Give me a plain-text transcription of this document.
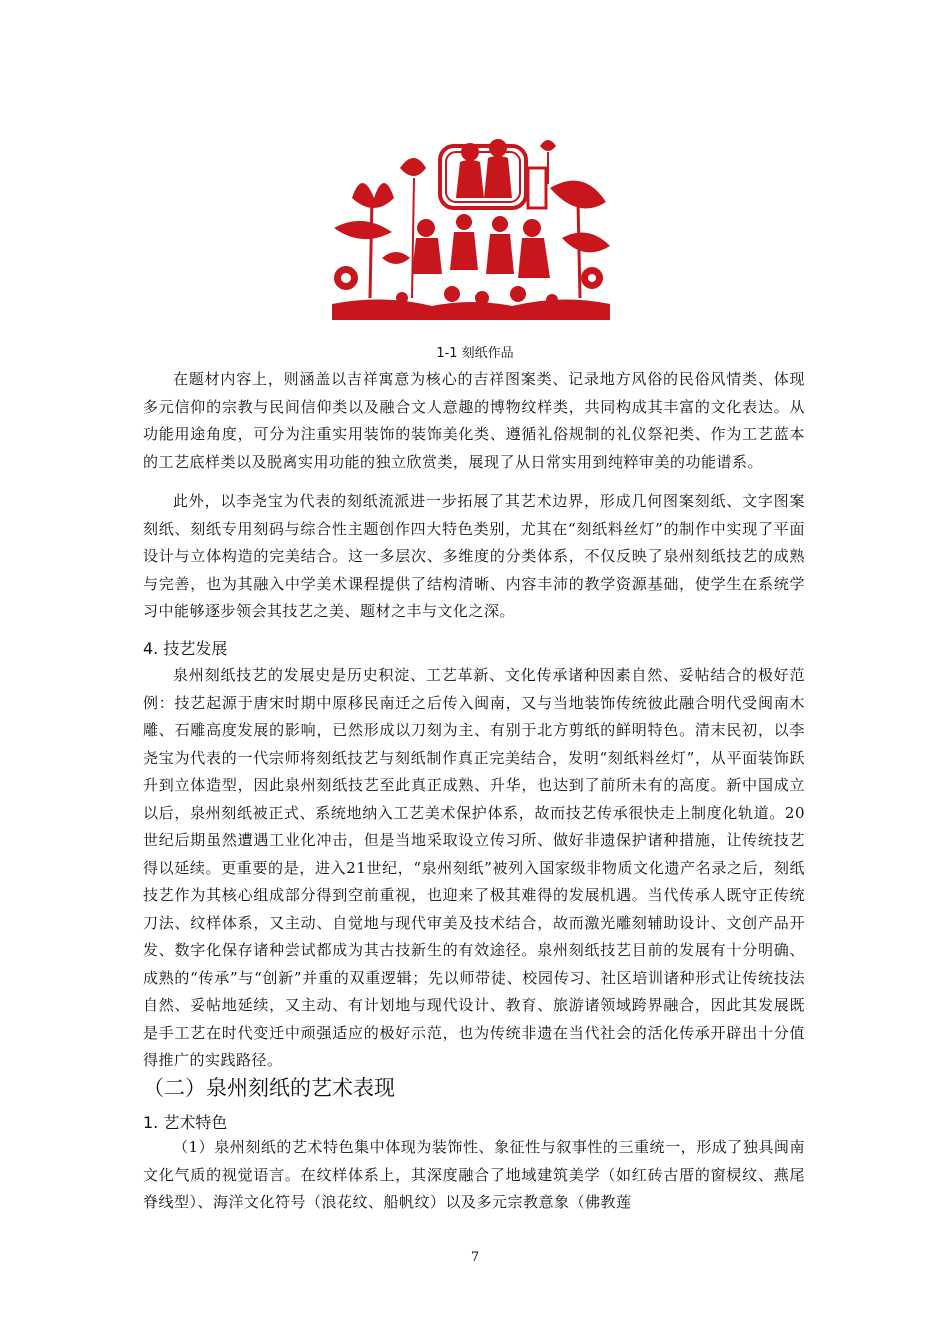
1-1 刻纸作品

在题材内容上，则涵盖以吉祥寓意为核心的吉祥图案类、记录地方风俗的民俗风情类、体现多元信仰的宗教与民间信仰类以及融合文人意趣的博物纹样类，共同构成其丰富的文化表达。从功能用途角度，可分为注重实用装饰的装饰美化类、遵循礼俗规制的礼仪祭祀类、作为工艺蓝本的工艺底样类以及脱离实用功能的独立欣赏类，展现了从日常实用到纯粹审美的功能谱系。

此外，以李尧宝为代表的刻纸流派进一步拓展了其艺术边界，形成几何图案刻纸、文字图案刻纸、刻纸专用刻码与综合性主题创作四大特色类别，尤其在“刻纸料丝灯”的制作中实现了平面设计与立体构造的完美结合。这一多层次、多维度的分类体系，不仅反映了泉州刻纸技艺的成熟与完善，也为其融入中学美术课程提供了结构清晰、内容丰沛的教学资源基础，使学生在系统学习中能够逐步领会其技艺之美、题材之丰与文化之深。

4. 技艺发展

泉州刻纸技艺的发展史是历史积淀、工艺革新、文化传承诸种因素自然、妥帖结合的极好范例：技艺起源于唐宋时期中原移民南迁之后传入闽南，又与当地装饰传统彼此融合明代受闽南木雕、石雕高度发展的影响，已然形成以刀刻为主、有别于北方剪纸的鲜明特色。清末民初，以李尧宝为代表的一代宗师将刻纸技艺与刻纸制作真正完美结合，发明“刻纸料丝灯”，从平面装饰跃升到立体造型，因此泉州刻纸技艺至此真正成熟、升华，也达到了前所未有的高度。新中国成立以后，泉州刻纸被正式、系统地纳入工艺美术保护体系，故而技艺传承很快走上制度化轨道。20世纪后期虽然遭遇工业化冲击，但是当地采取设立传习所、做好非遗保护诸种措施，让传统技艺得以延续。更重要的是，进入21世纪，“泉州刻纸”被列入国家级非物质文化遗产名录之后，刻纸技艺作为其核心组成部分得到空前重视，也迎来了极其难得的发展机遇。当代传承人既守正传统刀法、纹样体系，又主动、自觉地与现代审美及技术结合，故而激光雕刻辅助设计、文创产品开发、数字化保存诸种尝试都成为其古技新生的有效途径。泉州刻纸技艺目前的发展有十分明确、成熟的“传承”与“创新”并重的双重逻辑；先以师带徒、校园传习、社区培训诸种形式让传统技法自然、妥帖地延续，又主动、有计划地与现代设计、教育、旅游诸领域跨界融合，因此其发展既是手工艺在时代变迁中顽强适应的极好示范，也为传统非遗在当代社会的活化传承开辟出十分值得推广的实践路径。

（二）泉州刻纸的艺术表现
1. 艺术特色

（1）泉州刻纸的艺术特色集中体现为装饰性、象征性与叙事性的三重统一，形成了独具闽南文化气质的视觉语言。在纹样体系上，其深度融合了地域建筑美学（如红砖古厝的窗棂纹、燕尾脊线型）、海洋文化符号（浪花纹、船帆纹）以及多元宗教意象（佛教莲

7
